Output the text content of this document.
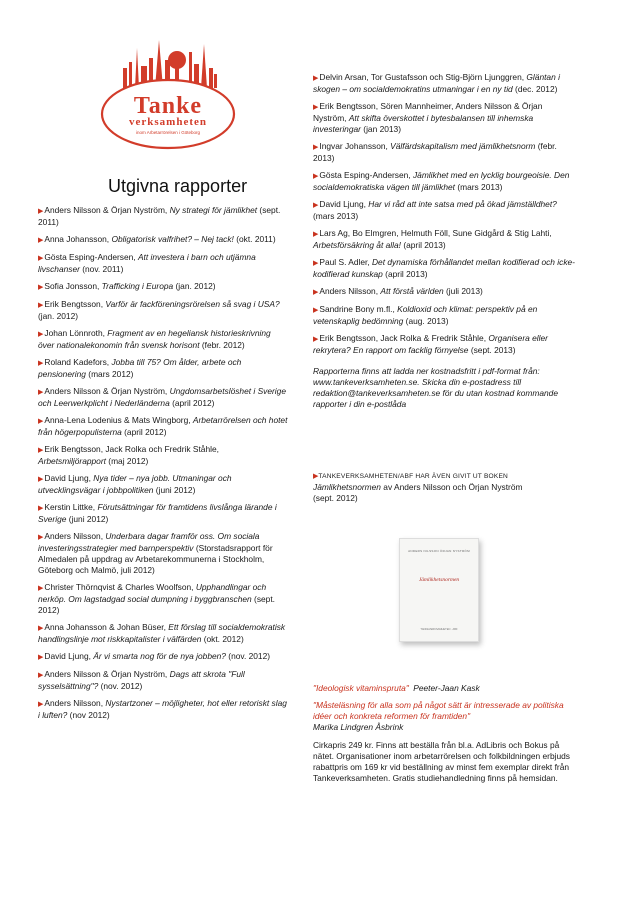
Tanke
verksamheten
inom Arbetarrörelsen i Göteborg
Utgivna rapporter
▶Anders Nilsson & Örjan Nyström, Ny strategi för jämlikhet (sept. 2011)
▶Anna Johansson, Obligatorisk valfrihet? – Nej tack! (okt. 2011)
▶Gösta Esping-Andersen, Att investera i barn och utjämna livschanser (nov. 2011)
▶Sofia Jonsson, Trafficking i Europa (jan. 2012)
▶Erik Bengtsson, Varför är fackföreningsrörelsen så svag i USA? (jan. 2012)
▶Johan Lönnroth, Fragment av en hegeliansk historieskrivning över nationalekonomin från svensk horisont (febr. 2012)
▶Roland Kadefors, Jobba till 75? Om ålder, arbete och pensionering (mars 2012)
▶Anders Nilsson & Örjan Nyström, Ungdomsarbetslöshet i Sverige och Leerwerkplicht i Nederländerna (april 2012)
▶Anna-Lena Lodenius & Mats Wingborg, Arbetarrörelsen och hotet från högerpopulisterna (april 2012)
▶Erik Bengtsson, Jack Rolka och Fredrik Ståhle, Arbetsmiljörapport (maj 2012)
▶David Ljung, Nya tider – nya jobb. Utmaningar och utvecklingsvägar i jobbpolitiken (juni 2012)
▶Kerstin Littke, Förutsättningar för framtidens livslånga lärande i Sverige (juni 2012)
▶Anders Nilsson, Underbara dagar framför oss. Om sociala investeringsstrategier med barnperspektiv (Storstadsrapport för Almedalen på uppdrag av Arbetarekommunerna i Stockholm, Göteborg och Malmö, juli 2012)
▶Christer Thörnqvist & Charles Woolfson, Upphandlingar och nerköp. Om lagstadgad social dumpning i byggbranschen (sept. 2012)
▶Anna Johansson & Johan Büser, Ett förslag till socialdemokratisk handlingslinje mot riskkapitalister i välfärden (okt. 2012)
▶David Ljung, Är vi smarta nog för de nya jobben? (nov. 2012)
▶Anders Nilsson & Örjan Nyström, Dags att skrota "Full sysselsättning"? (nov. 2012)
▶Anders Nilsson, Nystartzoner – möjligheter, hot eller retoriskt slag i luften? (nov 2012)
▶Delvin Arsan, Tor Gustafsson och Stig-Björn Ljunggren, Gläntan i skogen – om socialdemokratins utmaningar i en ny tid (dec. 2012)
▶Erik Bengtsson, Sören Mannheimer, Anders Nilsson & Örjan Nyström, Att skifta överskottet i bytesbalansen till inhemska investeringar (jan 2013)
▶Ingvar Johansson, Välfärdskapitalism med jämlikhetsnorm (febr. 2013)
▶Gösta Esping-Andersen, Jämlikhet med en lycklig bourgeoisie. Den socialdemokratiska vägen till jämlikhet (mars 2013)
▶David Ljung, Har vi råd att inte satsa med på ökad jämställdhet? (mars 2013)
▶Lars Ag, Bo Elmgren, Helmuth Föll, Sune Gidgård & Stig Lahti, Arbetsförsäkring åt alla! (april 2013)
▶Paul S. Adler, Det dynamiska förhållandet mellan kodifierad och icke-kodifierad kunskap (april 2013)
▶Anders Nilsson, Att förstå världen (juli 2013)
▶Sandrine Bony m.fl., Koldioxid och klimat: perspektiv på en vetenskaplig bedömning (aug. 2013)
▶Erik Bengtsson, Jack Rolka & Fredrik Ståhle, Organisera eller rekrytera? En rapport om facklig förnyelse (sept. 2013)
Rapporterna finns att ladda ner kostnadsfritt i pdf-format från: www.tankeverksamheten.se. Skicka din e-postadress till redaktion@tankeverksamheten.se för du utan kostnad kommande rapporter i din e-postlåda
▶TANKEVERKSAMHETEN/ABF HAR ÄVEN GIVIT UT BOKEN
Jämlikhetsnormen av Anders Nilsson och Örjan Nyström
(sept. 2012)
ANDERS NILSSON ÖRJAN NYSTRÖM
Jämlikhetsnormen
TANKEVERKSAMHETEN · ABF
"Ideologisk vitaminspruta" Peeter-Jaan Kask
"Måsteläsning för alla som på något sätt är intresserade av politiska idéer och konkreta reformen för framtiden"
Marika Lindgren Åsbrink
Cirkapris 249 kr. Finns att beställa från bl.a. AdLibris och Bokus på nätet. Organisationer inom arbetarrörelsen och folkbildningen erbjuds rabattpris om 169 kr vid beställning av minst fem exemplar direkt från Tankeverksamheten. Gratis studiehandledning finns på hemsidan.
